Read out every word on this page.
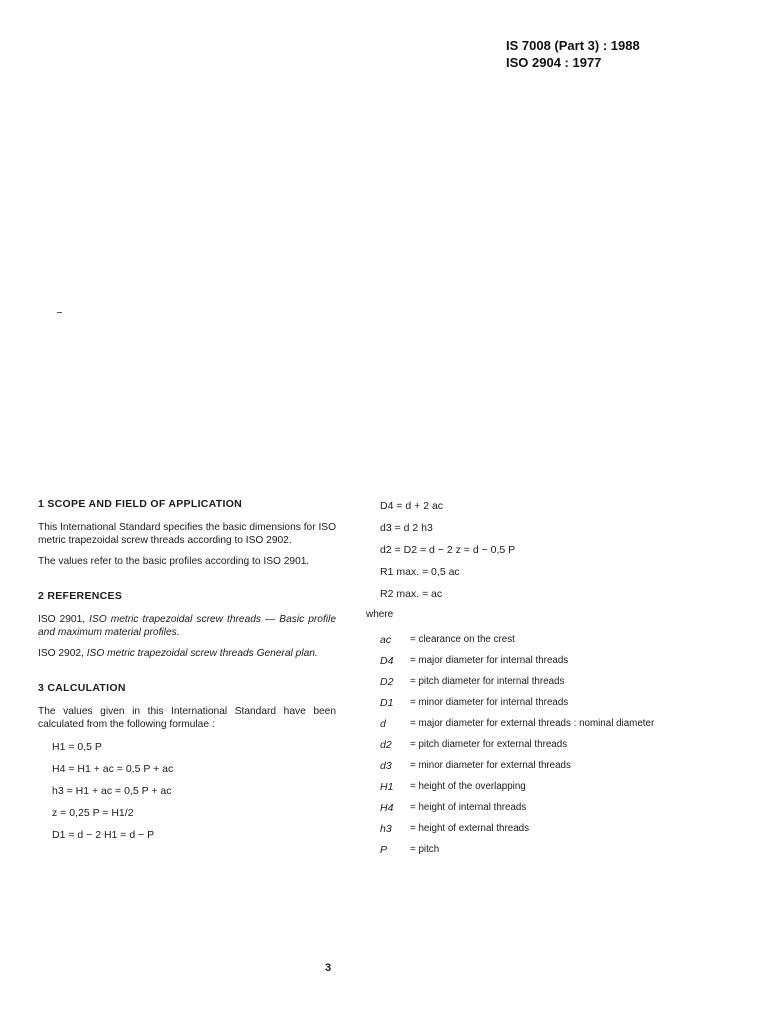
IS 7008 (Part 3) : 1988
ISO 2904 : 1977
1 SCOPE AND FIELD OF APPLICATION

This International Standard specifies the basic dimensions for ISO metric trapezoidal screw threads according to ISO 2902.

The values refer to the basic profiles according to ISO 2901.

2 REFERENCES

ISO 2901, ISO metric trapezoidal screw threads — Basic profile and maximum material profiles.

ISO 2902, ISO metric trapezoidal screw threads General plan.

3 CALCULATION

The values given in this International Standard have been calculated from the following formulae :

H1 = 0,5 P
H4 = H1 + ac = 0,5 P + ac
h3 = H1 + ac = 0,5 P + ac
z = 0,25 P = H1/2
D1 = d − 2 H1 = d − P
D4 = d + 2 ac
d3 = d 2 h3
d2 = D2 = d − 2 z = d − 0,5 P
R1 max. = 0,5 ac
R2 max. = ac
where
ac	= clearance on the crest
D4	= major diameter for internal threads
D2	= pitch diameter for internal threads
D1	= minor diameter for internal threads
d	= major diameter for external threads : nominal diameter
d2	= pitch diameter for external threads
d3	= minor diameter for external threads
H1	= height of the overlapping
H4	= height of internal threads
h3	= height of external threads
P	= pitch
3
